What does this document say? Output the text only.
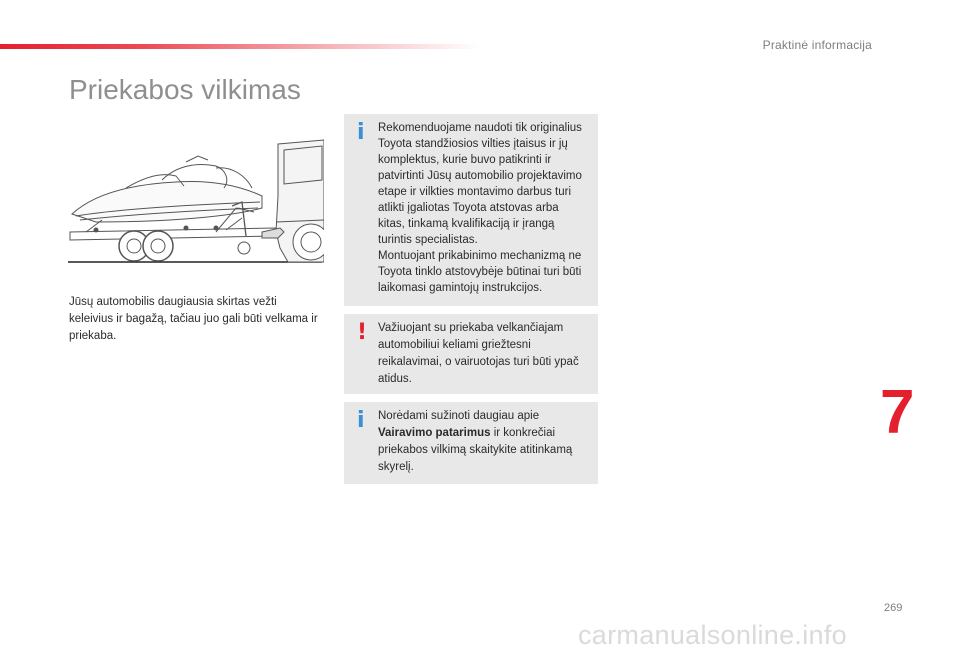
Praktinė informacija
Priekabos vilkimas

Jūsų automobilis daugiausia skirtas vežti keleivius ir bagažą, tačiau juo gali būti velkama ir priekaba.

i Rekomenduojame naudoti tik originalius Toyota standžiosios vilties įtaisus ir jų komplektus, kurie buvo patikrinti ir patvirtinti Jūsų automobilio projektavimo etape ir vilkties montavimo darbus turi atlikti įgaliotas Toyota atstovas arba kitas, tinkamą kvalifikaciją ir įrangą turintis specialistas.
Montuojant prikabinimo mechanizmą ne Toyota tinklo atstovybėje būtinai turi būti laikomasi gamintojų instrukcijos.

! Važiuojant su priekaba velkančiajam automobiliui keliami griežtesni reikalavimai, o vairuotojas turi būti ypač atidus.

i Norėdami sužinoti daugiau apie
Vairavimo patarimus ir konkrečiai priekabos vilkimą skaitykite atitinkamą skyrelį.

7
269
carmanualsonline.info
